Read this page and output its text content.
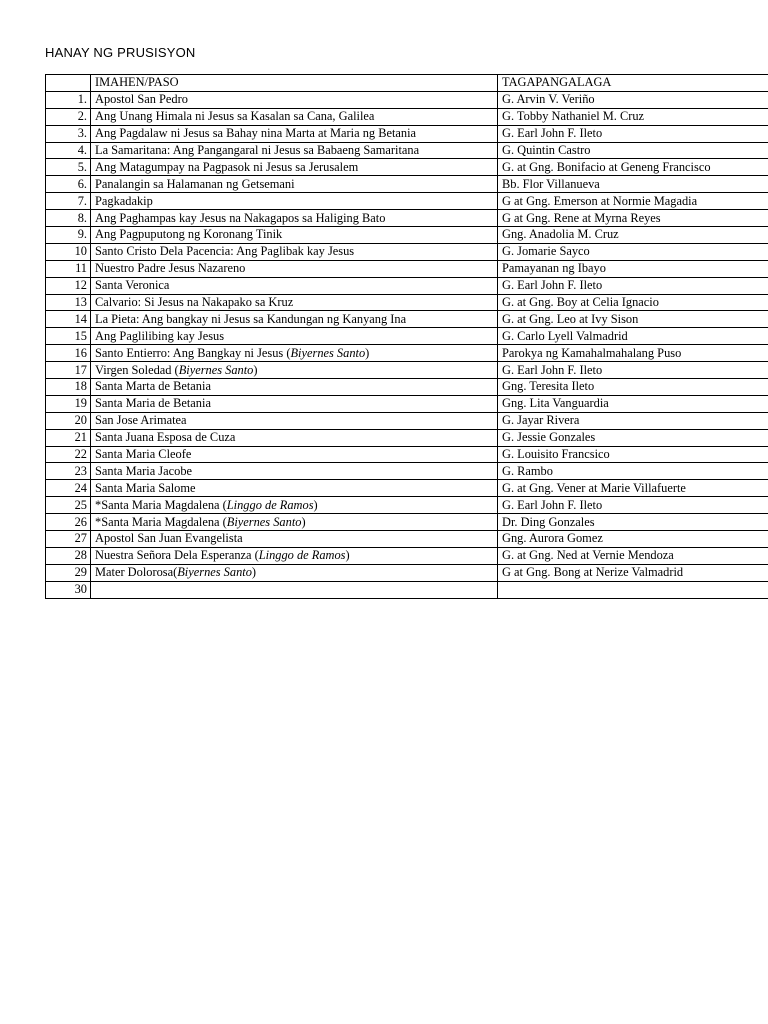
HANAY NG PRUSISYON
	IMAHEN/PASO	TAGAPANGALAGA
1.	Apostol San Pedro	G. Arvin V. Veriño
2.	Ang Unang Himala ni Jesus sa Kasalan sa Cana, Galilea	G. Tobby Nathaniel M. Cruz
3.	Ang Pagdalaw ni Jesus sa Bahay nina Marta at Maria ng Betania	G. Earl John F. Ileto
4.	La Samaritana: Ang Pangangaral ni Jesus sa Babaeng Samaritana	G. Quintin Castro
5.	Ang Matagumpay na Pagpasok ni Jesus sa Jerusalem	G. at Gng. Bonifacio at Geneng Francisco
6.	Panalangin sa Halamanan ng Getsemani	Bb. Flor Villanueva
7.	Pagkadakip	G at Gng. Emerson at Normie Magadia
8.	Ang Paghampas kay Jesus na Nakagapos sa Haliging Bato	G at Gng. Rene at Myrna Reyes
9.	Ang Pagpuputong ng Koronang Tinik	Gng. Anadolia M. Cruz
10	Santo Cristo Dela Pacencia: Ang Paglibak kay Jesus	G. Jomarie Sayco
11	Nuestro Padre Jesus Nazareno	Pamayanan ng Ibayo
12	Santa Veronica	G. Earl John F. Ileto
13	Calvario: Si Jesus na Nakapako sa Kruz	G. at Gng. Boy at Celia Ignacio
14	La Pieta: Ang bangkay ni Jesus sa Kandungan ng Kanyang Ina	G. at Gng. Leo at Ivy Sison
15	Ang Paglilibing kay Jesus	G. Carlo Lyell Valmadrid
16	Santo Entierro: Ang Bangkay ni Jesus (Biyernes Santo)	Parokya ng Kamahalmahalang Puso
17	Virgen Soledad (Biyernes Santo)	G. Earl John F. Ileto
18	Santa Marta de Betania	Gng. Teresita Ileto
19	Santa Maria de Betania	Gng. Lita Vanguardia
20	San Jose Arimatea	G. Jayar Rivera
21	Santa Juana Esposa de Cuza	G. Jessie Gonzales
22	Santa Maria Cleofe	G. Louisito Francsico
23	Santa Maria Jacobe	G. Rambo
24	Santa Maria Salome	G. at Gng. Vener at Marie Villafuerte
25	*Santa Maria Magdalena (Linggo de Ramos)	G. Earl John F. Ileto
26	*Santa Maria Magdalena (Biyernes Santo)	Dr. Ding Gonzales
27	Apostol San Juan Evangelista	Gng. Aurora Gomez
28	Nuestra Señora Dela Esperanza (Linggo de Ramos)	G. at Gng. Ned at Vernie Mendoza
29	Mater Dolorosa(Biyernes Santo)	G at Gng. Bong at Nerize Valmadrid
30		
